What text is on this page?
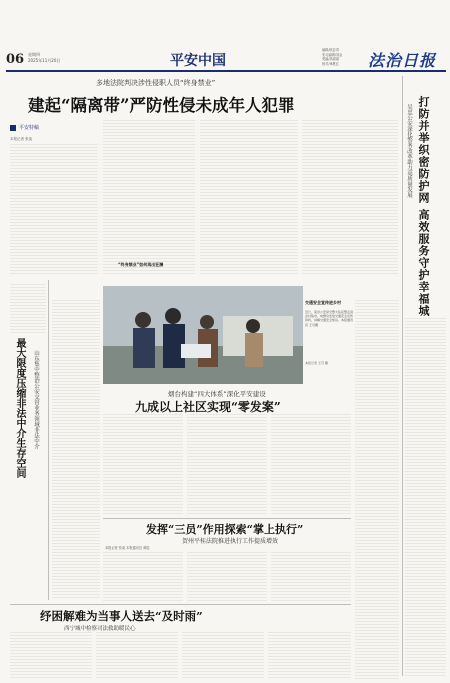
06 星期四
2025年11月20日	平安中国
编辑/欧亚青
见习编辑/刘金
美编/高淑丽
校对/章胜红	法治日报
多地法院判决涉性侵职人员“终身禁业”
建起“隔离带”严防性侵未成年人犯罪
平安特稿
本报记者 张莫
“终身禁业”如何再出狂澜	打防并举织密防护网 高效服务守护幸福城
吴忠公安深化警务改革助力高质量发展
最大限度压缩非法中介生存空间	山东集中整治公安交管业务领域非法中介
交通安全宣传进乡村
近日，某县公安局交警大队民警走进乡村集市，向群众发放交通安全宣传资料，讲解交通安全知识。本报通讯员 王可摄
本报记者 王可 摄
烟台构建“四大体系”深化平安建设
九成以上社区实现“零发案”
发挥“三员”作用探索“掌上执行”
贺州平桂法院推进执行工作提质增效
本报记者 张莫 本报通讯员 黄铭
纾困解难为当事人送去“及时雨”
西宁城中检察司法救助暖民心
